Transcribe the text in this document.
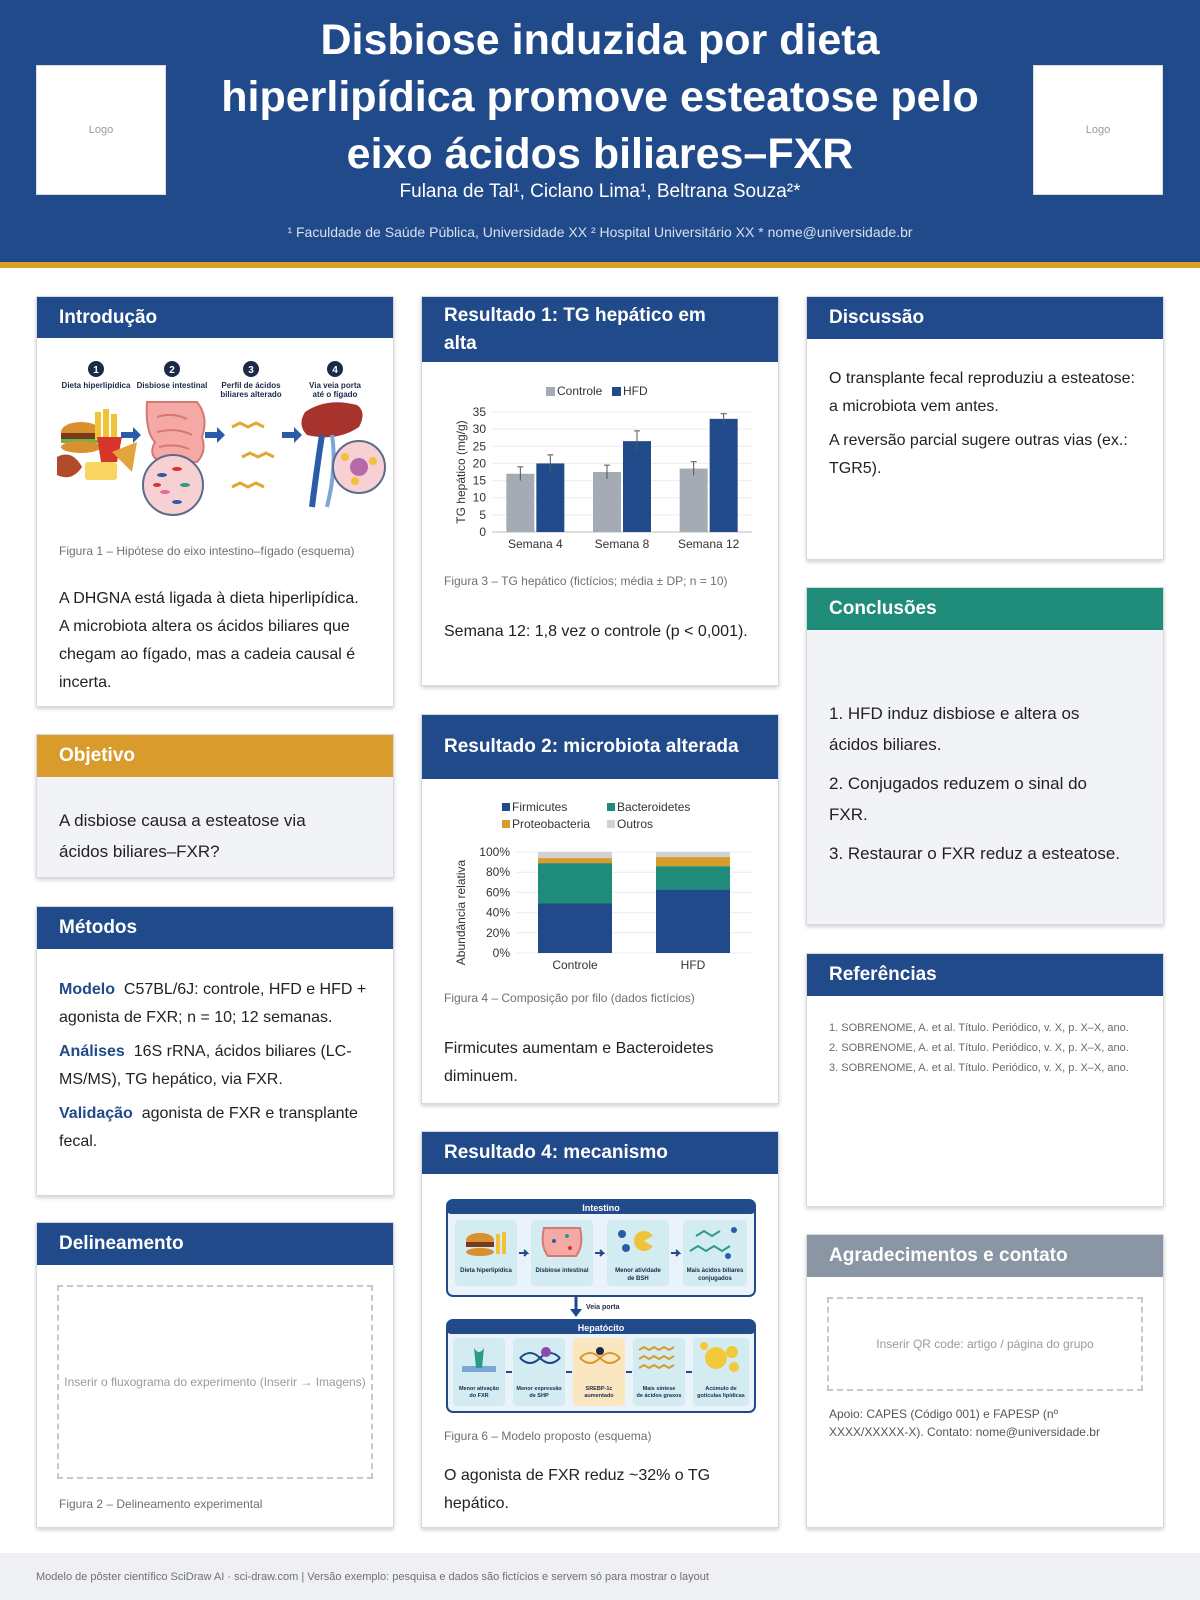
Logo	Logo
Disbiose induzida por dieta
hiperlipídica promove esteatose pelo
eixo ácidos biliares–FXR
Fulana de Tal¹, Ciclano Lima¹, Beltrana Souza²*
¹ Faculdade de Saúde Pública, Universidade XX ² Hospital Universitário XX * nome@universidade.br
Introdução
1	2	3	4
Dieta hiperlipídica Disbiose intestinal Perfil de ácidos
biliares alterado
Via veia porta
até o fígado
Figura 1 – Hipótese do eixo intestino–fígado (esquema)
A DHGNA está ligada à dieta hiperlipídica.
A microbiota altera os ácidos biliares que
chegam ao fígado, mas a cadeia causal é
incerta.
Objetivo
A disbiose causa a esteatose via
ácidos biliares–FXR?
Métodos
Modelo C57BL/6J: controle, HFD e HFD +
agonista de FXR; n = 10; 12 semanas.
Análises 16S rRNA, ácidos biliares (LC-
MS/MS), TG hepático, via FXR.
Validação agonista de FXR e transplante
fecal.
Delineamento
Inserir o fluxograma do experimento (Inserir → Imagens)
Figura 2 – Delineamento experimental
Resultado 1: TG hepático em
alta
Controle HFD
0
5
10
15
20
25
30
35
TG hepático (mg/g)
Semana 4	Semana 8 Semana 12
Figura 3 – TG hepático (fictícios; média ± DP; n = 10)
Semana 12: 1,8 vez o controle (p < 0,001).
Resultado 2: microbiota alterada
Firmicutes	Bacteroidetes
Proteobacteria Outros
0%
20%
40%
60%
80%
100%
Abundância relativa	Controle	HFD
Figura 4 – Composição por filo (dados fictícios)
Firmicutes aumentam e Bacteroidetes
diminuem.
Resultado 4: mecanismo
Intestino
Dieta hiperlipídica	Disbiose intestinal	Menor atividade
de BSH
Mais ácidos biliares
conjugados
Veia porta
Hepatócito
Menor ativação
do FXR
Menor expressão
de SHP
SREBP-1c
aumentado
Mais síntese
de ácidos graxos
Acúmulo de
gotículas lipídicas
Figura 6 – Modelo proposto (esquema)
O agonista de FXR reduz ~32% o TG
hepático.
Discussão
O transplante fecal reproduziu a esteatose:
a microbiota vem antes.
A reversão parcial sugere outras vias (ex.:
TGR5).
Conclusões
1. HFD induz disbiose e altera os
ácidos biliares.
2. Conjugados reduzem o sinal do
FXR.
3. Restaurar o FXR reduz a esteatose.
Referências
1. SOBRENOME, A. et al. Título. Periódico, v. X, p. X–X, ano.
2. SOBRENOME, A. et al. Título. Periódico, v. X, p. X–X, ano.
3. SOBRENOME, A. et al. Título. Periódico, v. X, p. X–X, ano.
Agradecimentos e contato
Inserir QR code: artigo / página do grupo
Apoio: CAPES (Código 001) e FAPESP (nº
XXXX/XXXXX-X). Contato: nome@universidade.br
Modelo de pôster científico SciDraw AI · sci-draw.com | Versão exemplo: pesquisa e dados são fictícios e servem só para mostrar o layout
